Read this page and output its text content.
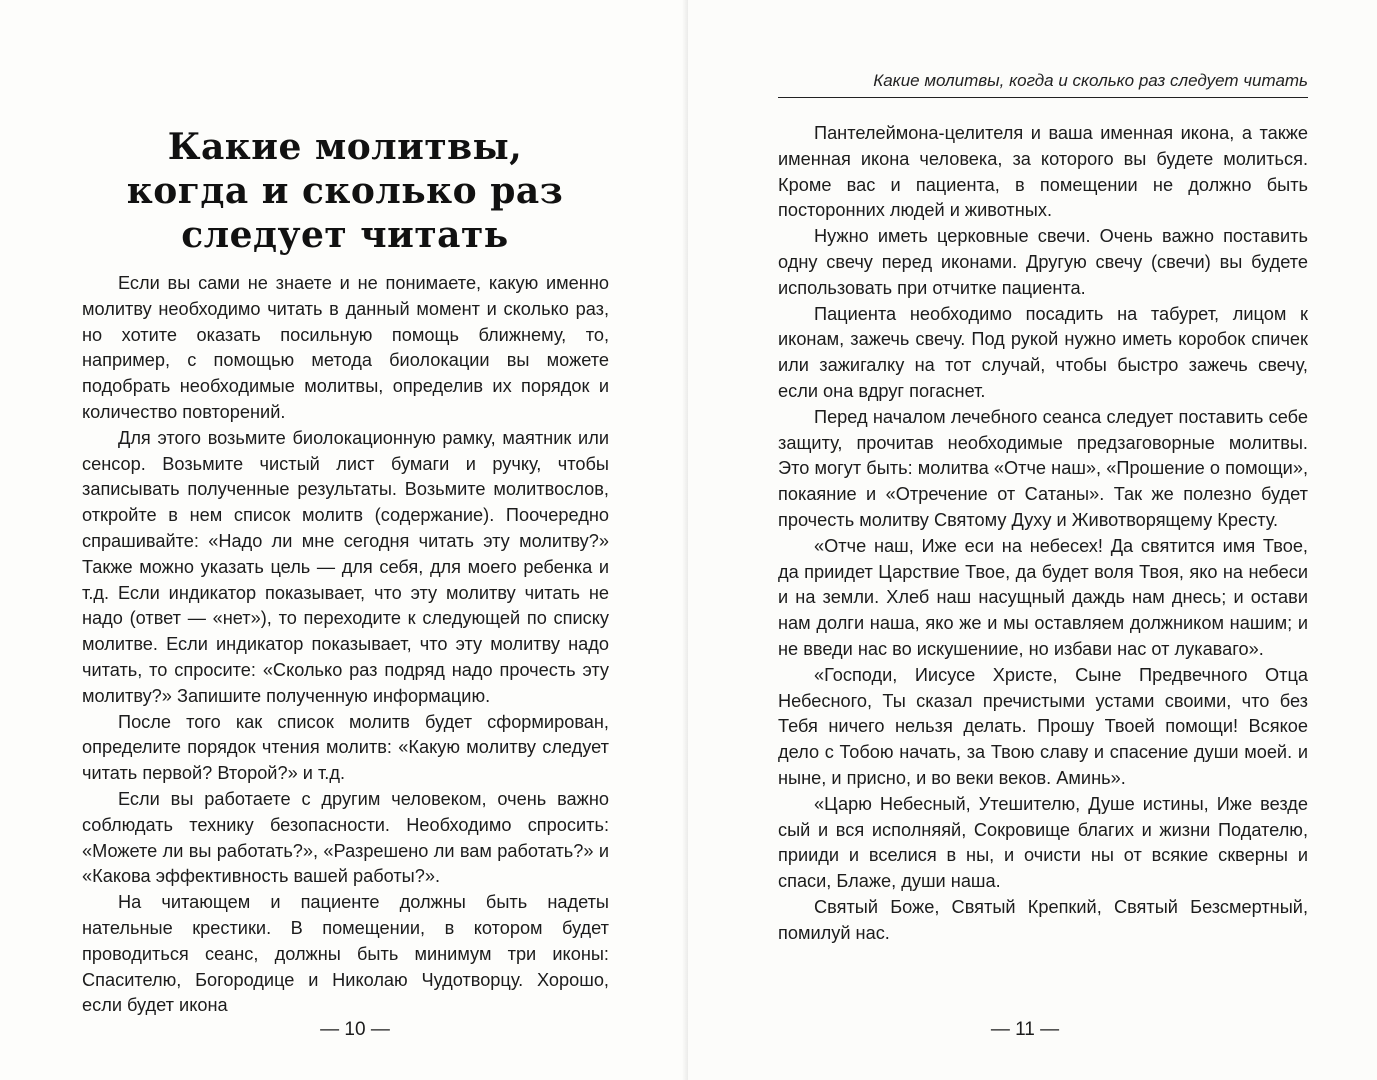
Какие молитвы,
когда и сколько раз
следует читать

Если вы сами не знаете и не понимаете, какую именно молитву необходимо читать в данный момент и сколько раз, но хотите оказать посильную помощь ближнему, то, например, с помощью метода биолокации вы можете подобрать необходимые молитвы, определив их порядок и количество повторений.

Для этого возьмите биолокационную рамку, маятник или сенсор. Возьмите чистый лист бумаги и ручку, чтобы записывать полученные результаты. Возьмите молитвослов, откройте в нем список молитв (содержание). Поочередно спрашивайте: «Надо ли мне сегодня читать эту молитву?» Также можно указать цель — для себя, для моего ребенка и т.д. Если индикатор показывает, что эту молитву читать не надо (ответ — «нет»), то переходите к следующей по списку молитве. Если индикатор показывает, что эту молитву надо читать, то спросите: «Сколько раз подряд надо прочесть эту молитву?» Запишите полученную информацию.

После того как список молитв будет сформирован, определите порядок чтения молитв: «Какую молитву следует читать первой? Второй?» и т.д.

Если вы работаете с другим человеком, очень важно соблюдать технику безопасности. Необходимо спросить: «Можете ли вы работать?», «Разрешено ли вам работать?» и «Какова эффективность вашей работы?».

На читающем и пациенте должны быть надеты нательные крестики. В помещении, в котором будет проводиться сеанс, должны быть минимум три иконы: Спасителю, Богородице и Николаю Чудотворцу. Хорошо, если будет икона

— 10 —
Какие молитвы, когда и сколько раз следует читать

Пантелеймона-целителя и ваша именная икона, а также именная икона человека, за которого вы будете молиться. Кроме вас и пациента, в помещении не должно быть посторонних людей и животных.

Нужно иметь церковные свечи. Очень важно поставить одну свечу перед иконами. Другую свечу (свечи) вы будете использовать при отчитке пациента.

Пациента необходимо посадить на табурет, лицом к иконам, зажечь свечу. Под рукой нужно иметь коробок спичек или зажигалку на тот случай, чтобы быстро зажечь свечу, если она вдруг погаснет.

Перед началом лечебного сеанса следует поставить себе защиту, прочитав необходимые предзаговорные молитвы. Это могут быть: молитва «Отче наш», «Прошение о помощи», покаяние и «Отречение от Сатаны». Так же полезно будет прочесть молитву Святому Духу и Животворящему Кресту.

«Отче наш, Иже еси на небесех! Да святится имя Твое, да приидет Царствие Твое, да будет воля Твоя, яко на небеси и на земли. Хлеб наш насущный даждь нам днесь; и остави нам долги наша, яко же и мы оставляем должником нашим; и не введи нас во искушениие, но избави нас от лукаваго».

«Господи, Иисусе Христе, Сыне Предвечного Отца Небесного, Ты сказал пречистыми устами своими, что без Тебя ничего нельзя делать. Прошу Твоей помощи! Всякое дело с Тобою начать, за Твою славу и спасение души моей. и ныне, и присно, и во веки веков. Аминь».

«Царю Небесный, Утешителю, Душе истины, Иже везде сый и вся исполняяй, Сокровище благих и жизни Подателю, прииди и вселися в ны, и очисти ны от всякие скверны и спаси, Блаже, души наша.

Святый Боже, Святый Крепкий, Святый Безсмертный, помилуй нас.

— 11 —
